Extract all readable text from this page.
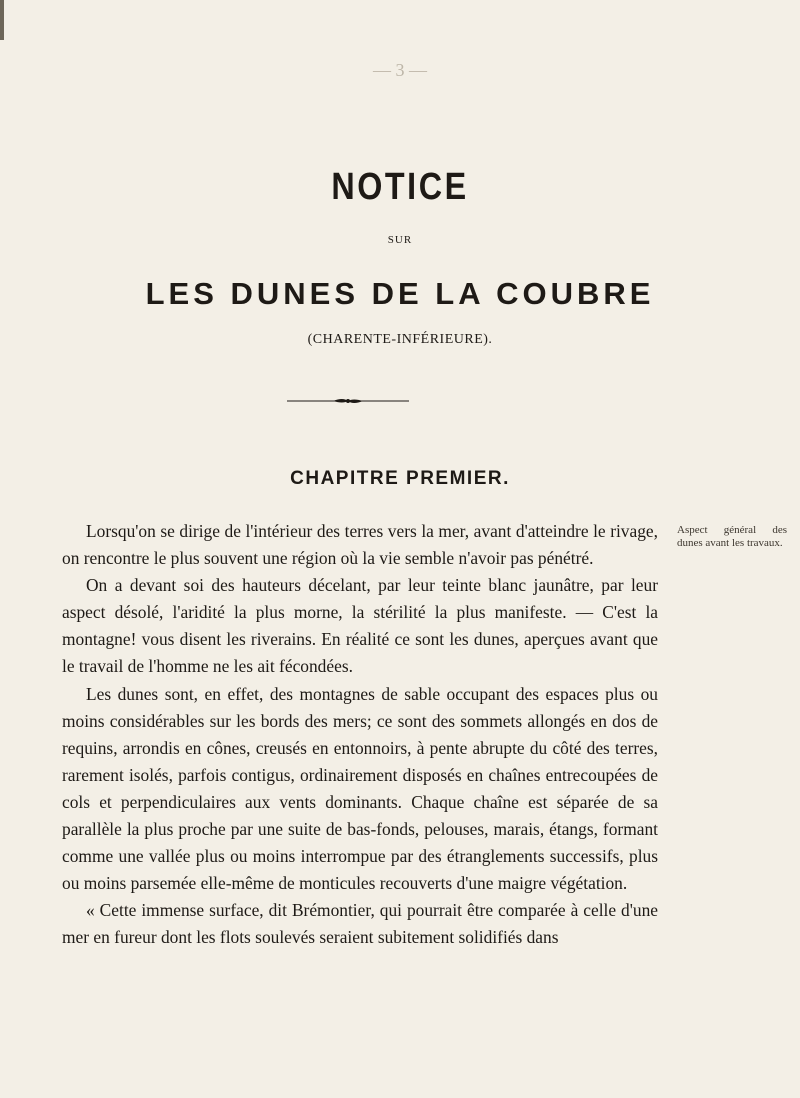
— 3 —
NOTICE
SUR
LES DUNES DE LA COUBRE
(CHARENTE-INFÉRIEURE).
CHAPITRE PREMIER.

Lorsqu'on se dirige de l'intérieur des terres vers la mer, avant d'atteindre le rivage, on rencontre le plus souvent une région où la vie semble n'avoir pas pénétré.

On a devant soi des hauteurs décelant, par leur teinte blanc jaunâtre, par leur aspect désolé, l'aridité la plus morne, la stérilité la plus manifeste. — C'est la montagne! vous disent les riverains. En réalité ce sont les dunes, aperçues avant que le travail de l'homme ne les ait fécondées.

Les dunes sont, en effet, des montagnes de sable occupant des espaces plus ou moins considérables sur les bords des mers; ce sont des sommets allongés en dos de requins, arrondis en cônes, creusés en entonnoirs, à pente abrupte du côté des terres, rarement isolés, parfois contigus, ordinairement disposés en chaînes entrecoupées de cols et perpendiculaires aux vents dominants. Chaque chaîne est séparée de sa parallèle la plus proche par une suite de bas-fonds, pelouses, marais, étangs, formant comme une vallée plus ou moins interrompue par des étranglements successifs, plus ou moins parsemée elle-même de monticules recouverts d'une maigre végétation.

« Cette immense surface, dit Brémontier, qui pourrait être comparée à celle d'une mer en fureur dont les flots soulevés seraient subitement solidifiés dans

Aspect général des dunes avant les travaux.
